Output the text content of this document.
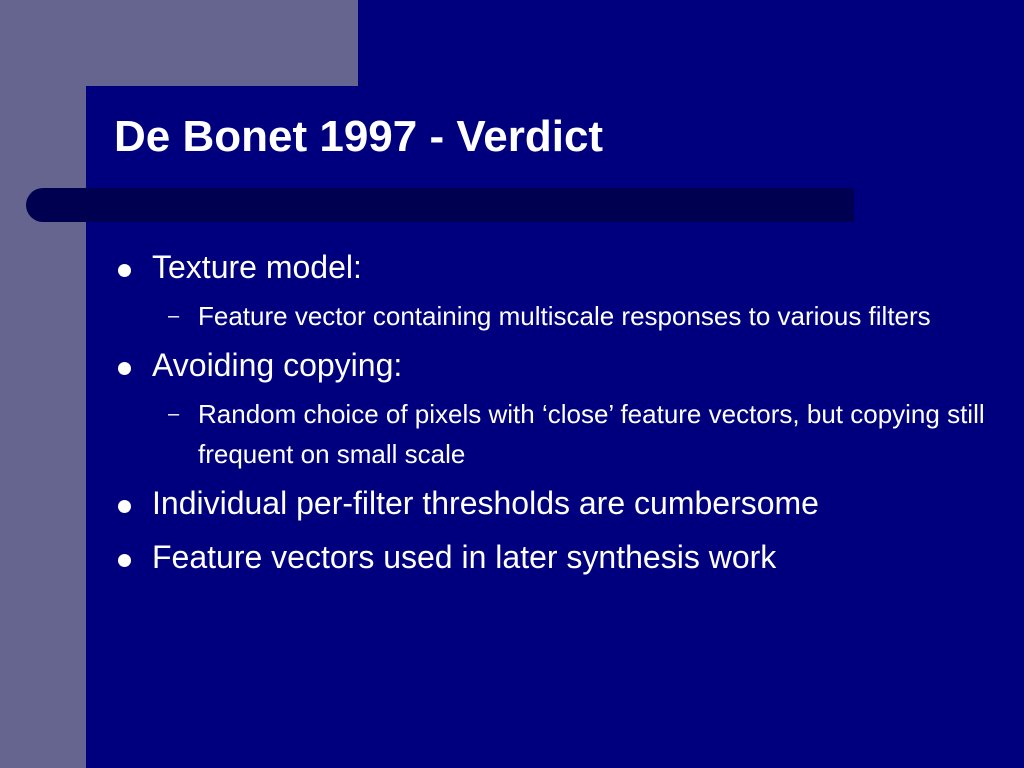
De Bonet 1997 - Verdict
Texture model:
– Feature vector containing multiscale responses to various filters
Avoiding copying:
– Random choice of pixels with ‘close’ feature vectors, but copying still frequent on small scale
Individual per-filter thresholds are cumbersome
Feature vectors used in later synthesis work
